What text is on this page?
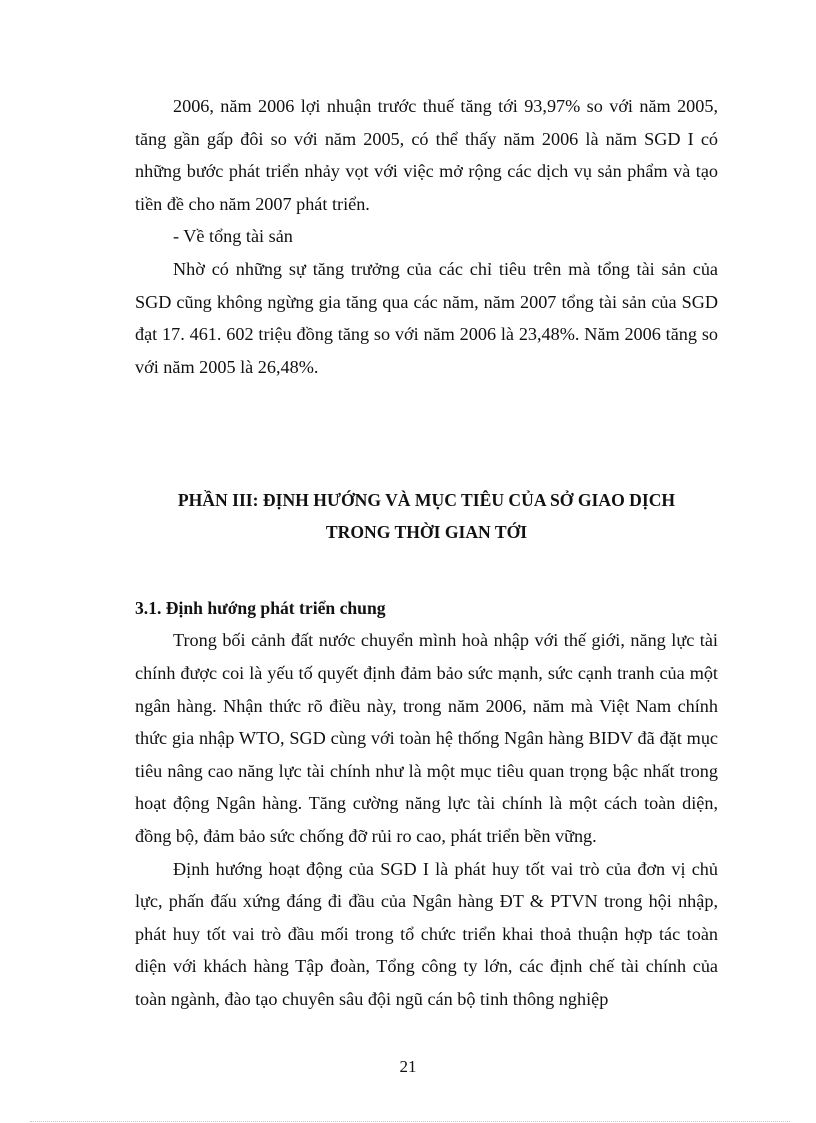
2006, năm 2006 lợi nhuận trước thuế tăng tới 93,97% so với năm 2005, tăng gần gấp đôi so với năm 2005, có thể thấy năm 2006 là năm SGD I có những bước phát triển nhảy vọt với việc mở rộng các dịch vụ sản phẩm và tạo tiền đề cho năm 2007 phát triển.

- Về tổng tài sản

Nhờ có những sự tăng trưởng của các chỉ tiêu trên mà tổng tài sản của SGD cũng không ngừng gia tăng qua các năm, năm 2007 tổng tài sản của SGD đạt 17. 461. 602 triệu đồng tăng so với năm 2006 là 23,48%. Năm 2006 tăng so với năm 2005 là 26,48%.

PHẦN III: ĐỊNH HƯỚNG VÀ MỤC TIÊU CỦA SỞ GIAO DỊCH
TRONG THỜI GIAN TỚI
3.1. Định hướng phát triển chung

Trong bối cảnh đất nước chuyển mình hoà nhập với thế giới, năng lực tài chính được coi là yếu tố quyết định đảm bảo sức mạnh, sức cạnh tranh của một ngân hàng. Nhận thức rõ điều này, trong năm 2006, năm mà Việt Nam chính thức gia nhập WTO, SGD cùng với toàn hệ thống Ngân hàng BIDV đã đặt mục tiêu nâng cao năng lực tài chính như là một mục tiêu quan trọng bậc nhất trong hoạt động Ngân hàng. Tăng cường năng lực tài chính là một cách toàn diện, đồng bộ, đảm bảo sức chống đỡ rủi ro cao, phát triển bền vững.

Định hướng hoạt động của SGD I là phát huy tốt vai trò của đơn vị chủ lực, phấn đấu xứng đáng đi đầu của Ngân hàng ĐT & PTVN trong hội nhập, phát huy tốt vai trò đầu mối trong tổ chức triển khai thoả thuận hợp tác toàn diện với khách hàng Tập đoàn, Tổng công ty lớn, các định chế tài chính của toàn ngành, đào tạo chuyên sâu đội ngũ cán bộ tinh thông nghiệp

21
